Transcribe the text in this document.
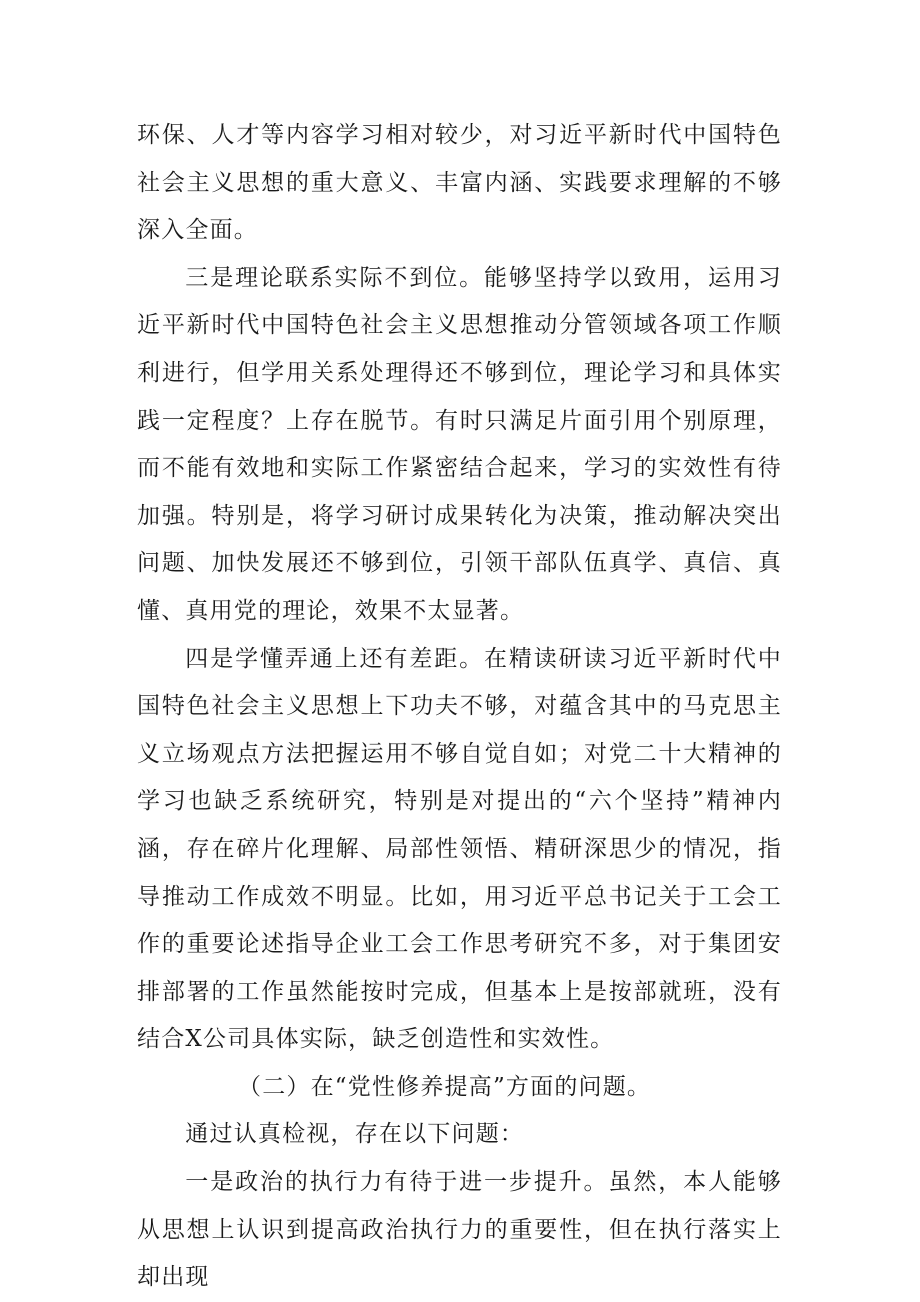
环保、人才等内容学习相对较少，对习近平新时代中国特色社会主义思想的重大意义、丰富内涵、实践要求理解的不够深入全面。

三是理论联系实际不到位。能够坚持学以致用，运用习近平新时代中国特色社会主义思想推动分管领域各项工作顺利进行，但学用关系处理得还不够到位，理论学习和具体实践一定程度？上存在脱节。有时只满足片面引用个别原理，而不能有效地和实际工作紧密结合起来，学习的实效性有待加强。特别是，将学习研讨成果转化为决策，推动解决突出问题、加快发展还不够到位，引领干部队伍真学、真信、真懂、真用党的理论，效果不太显著。

四是学懂弄通上还有差距。在精读研读习近平新时代中国特色社会主义思想上下功夫不够，对蕴含其中的马克思主义立场观点方法把握运用不够自觉自如；对党二十大精神的学习也缺乏系统研究，特别是对提出的“六个坚持”精神内涵，存在碎片化理解、局部性领悟、精研深思少的情况，指导推动工作成效不明显。比如，用习近平总书记关于工会工作的重要论述指导企业工会工作思考研究不多，对于集团安排部署的工作虽然能按时完成，但基本上是按部就班，没有结合X公司具体实际，缺乏创造性和实效性。

（二）在“党性修养提高”方面的问题。

通过认真检视，存在以下问题：

一是政治的执行力有待于进一步提升。虽然，本人能够从思想上认识到提高政治执行力的重要性，但在执行落实上却出现
